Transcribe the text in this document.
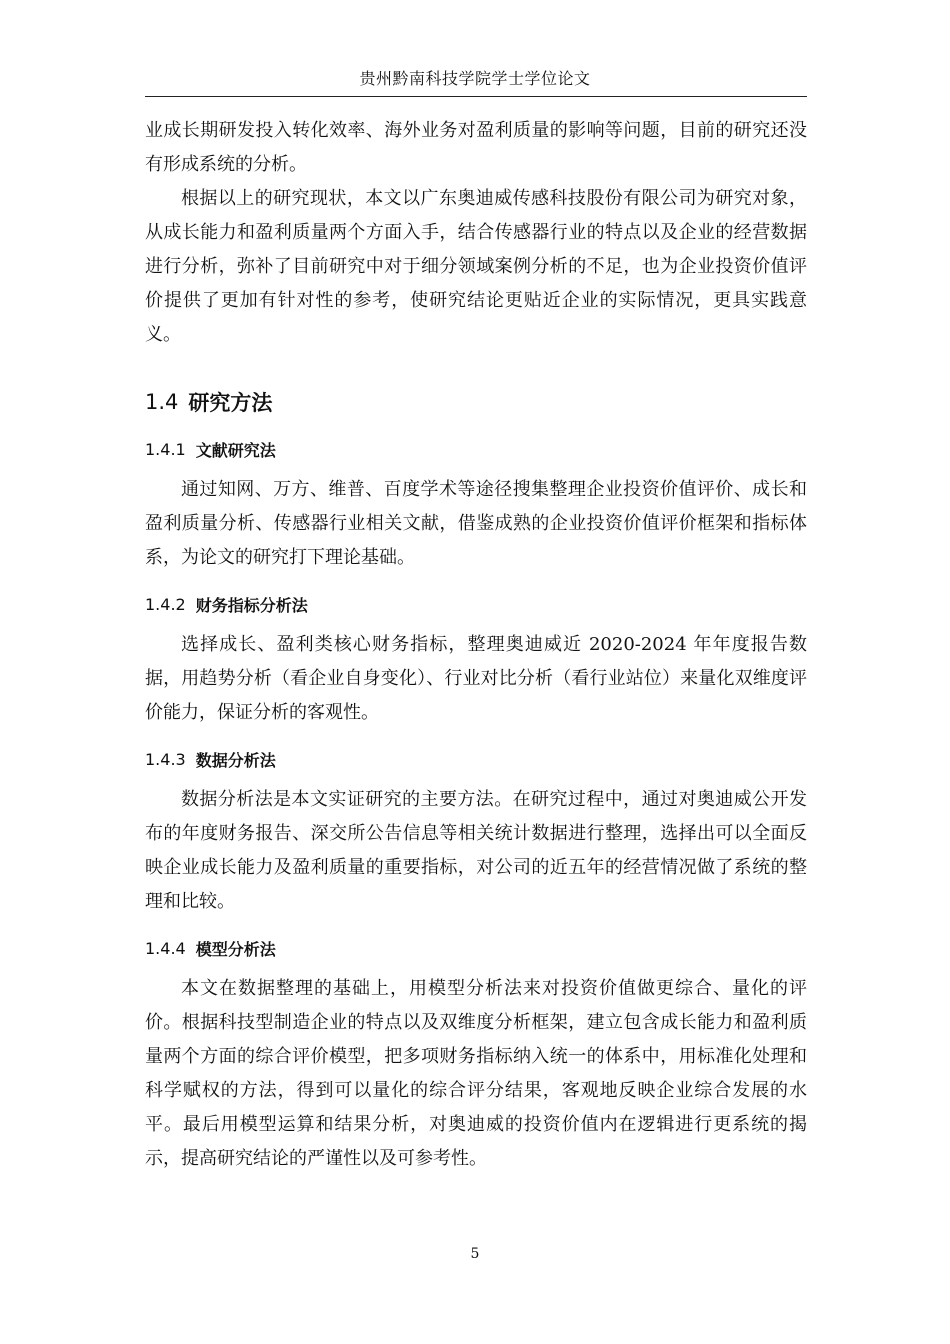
贵州黔南科技学院学士学位论文

业成长期研发投入转化效率、海外业务对盈利质量的影响等问题，目前的研究还没有形成系统的分析。

根据以上的研究现状，本文以广东奥迪威传感科技股份有限公司为研究对象，从成长能力和盈利质量两个方面入手，结合传感器行业的特点以及企业的经营数据进行分析，弥补了目前研究中对于细分领域案例分析的不足，也为企业投资价值评价提供了更加有针对性的参考，使研究结论更贴近企业的实际情况，更具实践意义。

1.4 研究方法
1.4.1 文献研究法

通过知网、万方、维普、百度学术等途径搜集整理企业投资价值评价、成长和盈利质量分析、传感器行业相关文献，借鉴成熟的企业投资价值评价框架和指标体系，为论文的研究打下理论基础。

1.4.2 财务指标分析法

选择成长、盈利类核心财务指标，整理奥迪威近 2020-2024 年年度报告数据，用趋势分析（看企业自身变化）、行业对比分析（看行业站位）来量化双维度评价能力，保证分析的客观性。

1.4.3 数据分析法

数据分析法是本文实证研究的主要方法。在研究过程中，通过对奥迪威公开发布的年度财务报告、深交所公告信息等相关统计数据进行整理，选择出可以全面反映企业成长能力及盈利质量的重要指标，对公司的近五年的经营情况做了系统的整理和比较。

1.4.4 模型分析法

本文在数据整理的基础上，用模型分析法来对投资价值做更综合、量化的评价。根据科技型制造企业的特点以及双维度分析框架，建立包含成长能力和盈利质量两个方面的综合评价模型，把多项财务指标纳入统一的体系中，用标准化处理和科学赋权的方法，得到可以量化的综合评分结果，客观地反映企业综合发展的水平。最后用模型运算和结果分析，对奥迪威的投资价值内在逻辑进行更系统的揭示，提高研究结论的严谨性以及可参考性。

5
